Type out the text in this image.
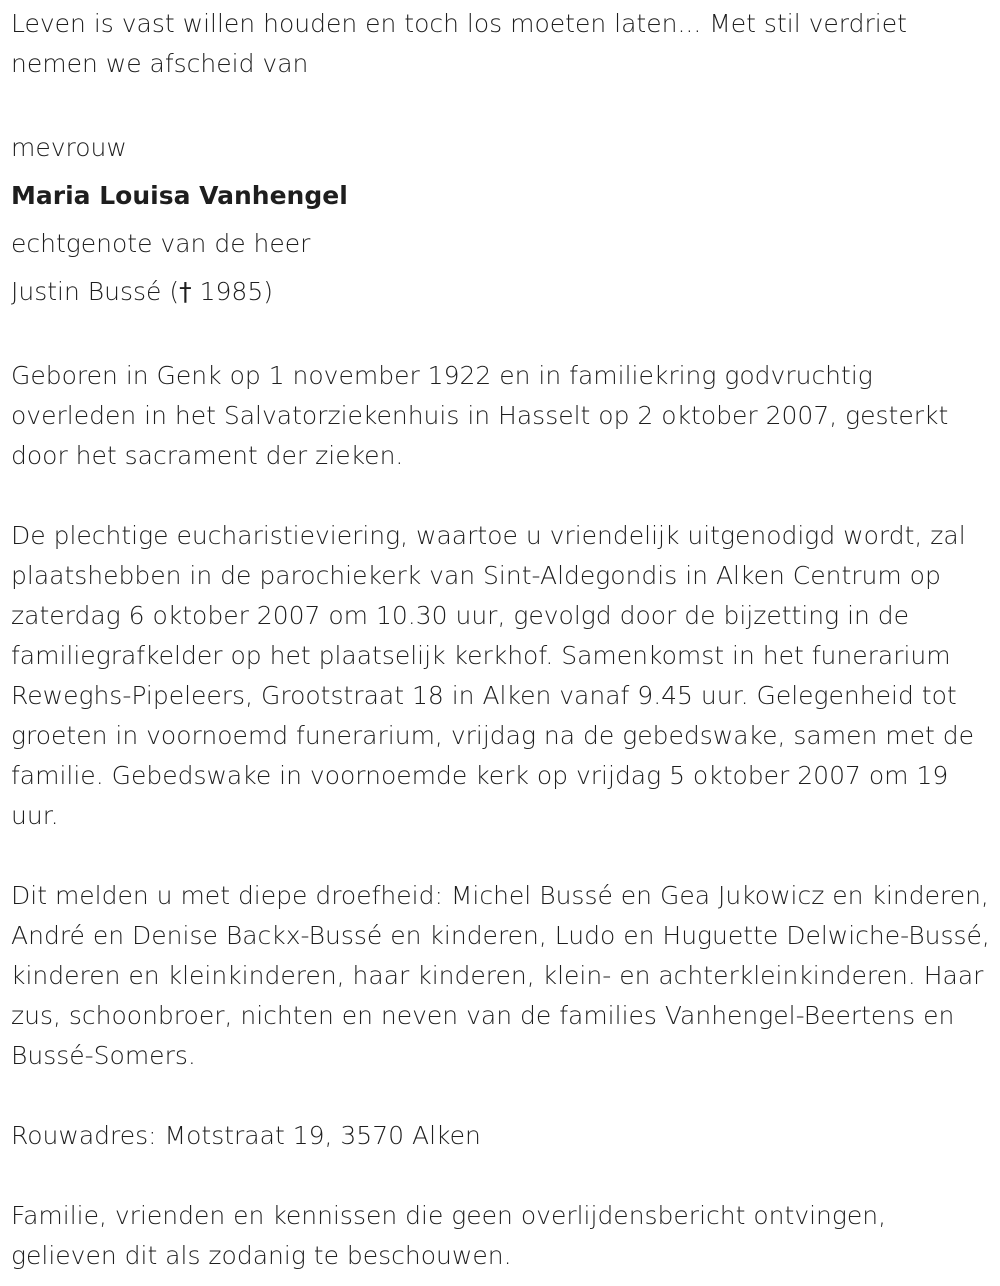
Leven is vast willen houden en toch los moeten laten... Met stil verdriet nemen we afscheid van

mevrouw

Maria Louisa Vanhengel

echtgenote van de heer

Justin Bussé († 1985)

Geboren in Genk op 1 november 1922 en in familiekring godvruchtig overleden in het Salvatorziekenhuis in Hasselt op 2 oktober 2007, gesterkt door het sacrament der zieken.

De plechtige eucharistieviering, waartoe u vriendelijk uitgenodigd wordt, zal plaatshebben in de parochiekerk van Sint-Aldegondis in Alken Centrum op zaterdag 6 oktober 2007 om 10.30 uur, gevolgd door de bijzetting in de familiegrafkelder op het plaatselijk kerkhof. Samenkomst in het funerarium Reweghs-Pipeleers, Grootstraat 18 in Alken vanaf 9.45 uur. Gelegenheid tot groeten in voornoemd funerarium, vrijdag na de gebedswake, samen met de familie. Gebedswake in voornoemde kerk op vrijdag 5 oktober 2007 om 19 uur.

Dit melden u met diepe droefheid: Michel Bussé en Gea Jukowicz en kinderen, André en Denise Backx-Bussé en kinderen, Ludo en Huguette Delwiche-Bussé, kinderen en kleinkinderen, haar kinderen, klein- en achterkleinkinderen. Haar zus, schoonbroer, nichten en neven van de families Vanhengel-Beertens en Bussé-Somers.

Rouwadres: Motstraat 19, 3570 Alken

Familie, vrienden en kennissen die geen overlijdensbericht ontvingen, gelieven dit als zodanig te beschouwen.
